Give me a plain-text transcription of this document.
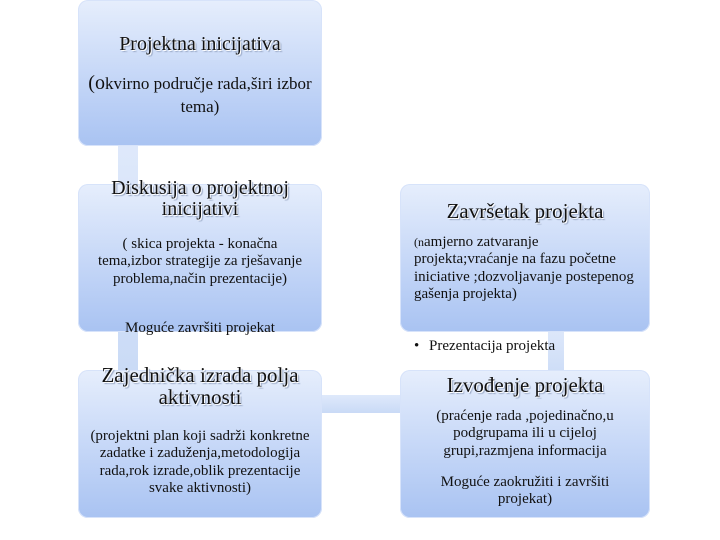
Projektna inicijativa
(okvirno područje rada,širi izbor tema)
Diskusija o projektnoj inicijativi
( skica projekta - konačna tema,izbor strategije za rješavanje problema,način prezentacije)
Moguće završiti projekat
Zajednička izrada polja aktivnosti
(projektni plan koji sadrži konkretne zadatke i zaduženja,metodologija rada,rok izrade,oblik prezentacije svake aktivnosti)
Završetak projekta
(namjerno zatvaranje projekta;vraćanje na fazu početne iniciative ;dozvoljavanje postepenog gašenja projekta)
• Prezentacija projekta
Izvođenje projekta
(praćenje rada ,pojedinačno,u podgrupama ili u cijeloj grupi,razmjena informacija
Moguće zaokružiti i završiti projekat)
